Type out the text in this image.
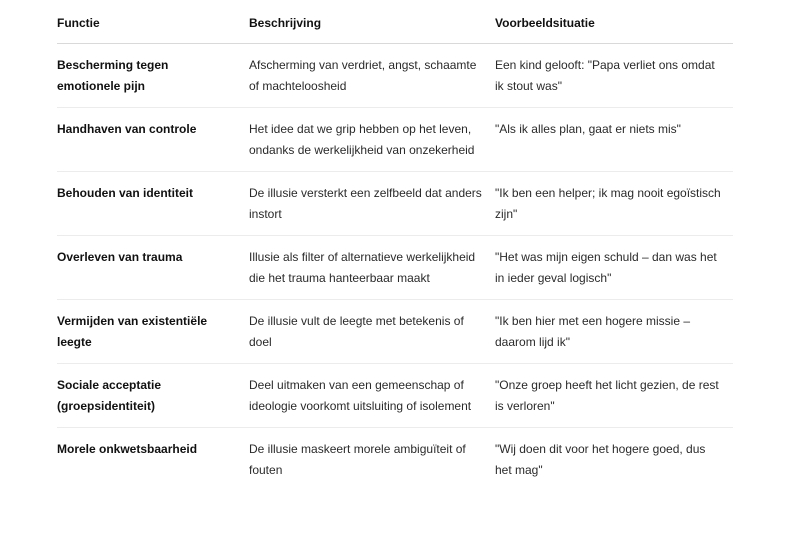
Functie	Beschrijving	Voorbeeldsituatie
Bescherming tegen emotionele pijn	Afscherming van verdriet, angst, schaamte of machteloosheid	Een kind gelooft: "Papa verliet ons omdat ik stout was"
Handhaven van controle	Het idee dat we grip hebben op het leven, ondanks de werkelijkheid van onzekerheid	"Als ik alles plan, gaat er niets mis"
Behouden van identiteit	De illusie versterkt een zelfbeeld dat anders instort	"Ik ben een helper; ik mag nooit egoïstisch zijn"
Overleven van trauma	Illusie als filter of alternatieve werkelijkheid die het trauma hanteerbaar maakt	"Het was mijn eigen schuld – dan was het in ieder geval logisch"
Vermijden van existentiële leegte	De illusie vult de leegte met betekenis of doel	"Ik ben hier met een hogere missie – daarom lijd ik"
Sociale acceptatie (groepsidentiteit)	Deel uitmaken van een gemeenschap of ideologie voorkomt uitsluiting of isolement	"Onze groep heeft het licht gezien, de rest is verloren"
Morele onkwetsbaarheid	De illusie maskeert morele ambiguïteit of fouten	"Wij doen dit voor het hogere goed, dus het mag"
